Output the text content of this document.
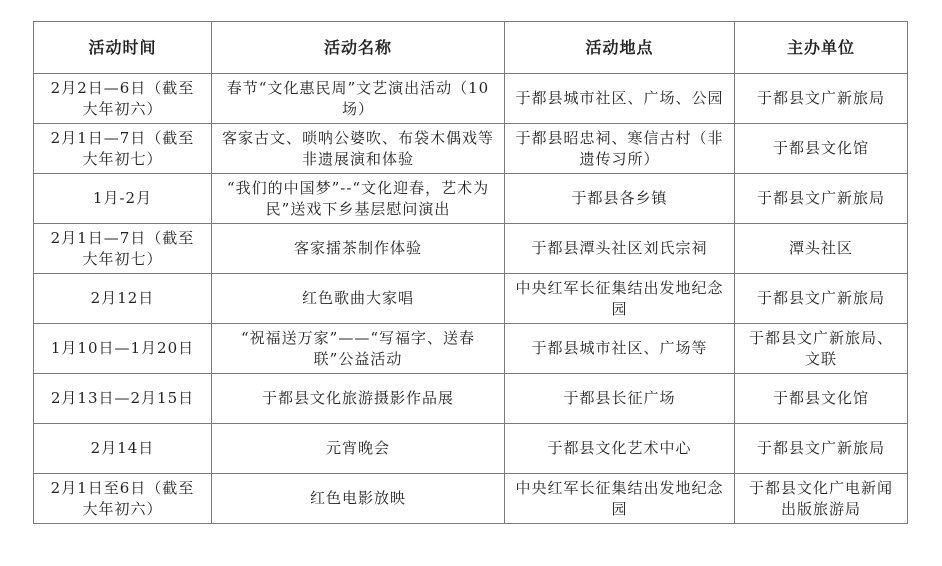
活动时间	活动名称	活动地点	主办单位
2月2日—6日（截至大年初六）	春节“文化惠民周”文艺演出活动（10场）	于都县城市社区、广场、公园	于都县文广新旅局
2月1日—7日（截至大年初七）	客家古文、唢呐公婆吹、布袋木偶戏等非遗展演和体验	于都县昭忠祠、寒信古村（非遗传习所）	于都县文化馆
1月-2月	“我们的中国梦”--“文化迎春，艺术为民”送戏下乡基层慰问演出	于都县各乡镇	于都县文广新旅局
2月1日—7日（截至大年初七）	客家擂茶制作体验	于都县潭头社区刘氏宗祠	潭头社区
2月12日	红色歌曲大家唱	中央红军长征集结出发地纪念园	于都县文广新旅局
1月10日—1月20日	“祝福送万家”——“写福字、送春联”公益活动	于都县城市社区、广场等	于都县文广新旅局、文联
2月13日—2月15日	于都县文化旅游摄影作品展	于都县长征广场	于都县文化馆
2月14日	元宵晚会	于都县文化艺术中心	于都县文广新旅局
2月1日至6日（截至大年初六）	红色电影放映	中央红军长征集结出发地纪念园	于都县文化广电新闻出版旅游局
